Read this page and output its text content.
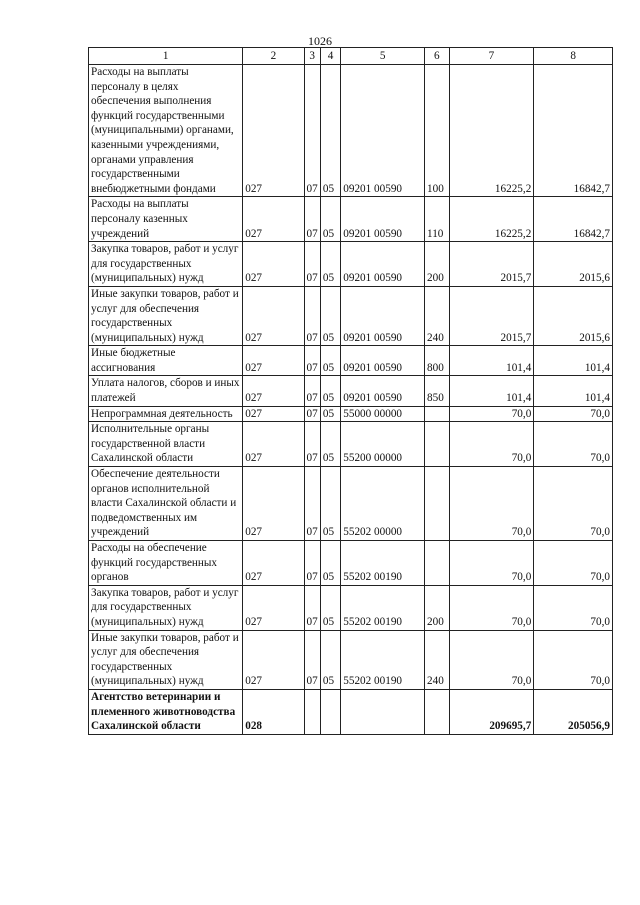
1026
1	2	3	4	5	6	7	8
Расходы на выплаты персоналу в целях обеспечения выполнения функций государственными (муниципальными) органами, казенными учреждениями, органами управления государственными внебюджетными фондами	027	07	05	09201 00590	100	16225,2	16842,7
Расходы на выплаты персоналу казенных учреждений	027	07	05	09201 00590	110	16225,2	16842,7
Закупка товаров, работ и услуг для государственных (муниципальных) нужд	027	07	05	09201 00590	200	2015,7	2015,6
Иные закупки товаров, работ и услуг для обеспечения государственных (муниципальных) нужд	027	07	05	09201 00590	240	2015,7	2015,6
Иные бюджетные ассигнования	027	07	05	09201 00590	800	101,4	101,4
Уплата налогов, сборов и иных платежей	027	07	05	09201 00590	850	101,4	101,4
Непрограммная деятельность	027	07	05	55000 00000		70,0	70,0
Исполнительные органы государственной власти Сахалинской области	027	07	05	55200 00000		70,0	70,0
Обеспечение деятельности органов исполнительной власти Сахалинской области и подведомственных им учреждений	027	07	05	55202 00000		70,0	70,0
Расходы на обеспечение функций государственных органов	027	07	05	55202 00190		70,0	70,0
Закупка товаров, работ и услуг для государственных (муниципальных) нужд	027	07	05	55202 00190	200	70,0	70,0
Иные закупки товаров, работ и услуг для обеспечения государственных (муниципальных) нужд	027	07	05	55202 00190	240	70,0	70,0
Агентство ветеринарии и племенного животноводства Сахалинской области	028					209695,7	205056,9
